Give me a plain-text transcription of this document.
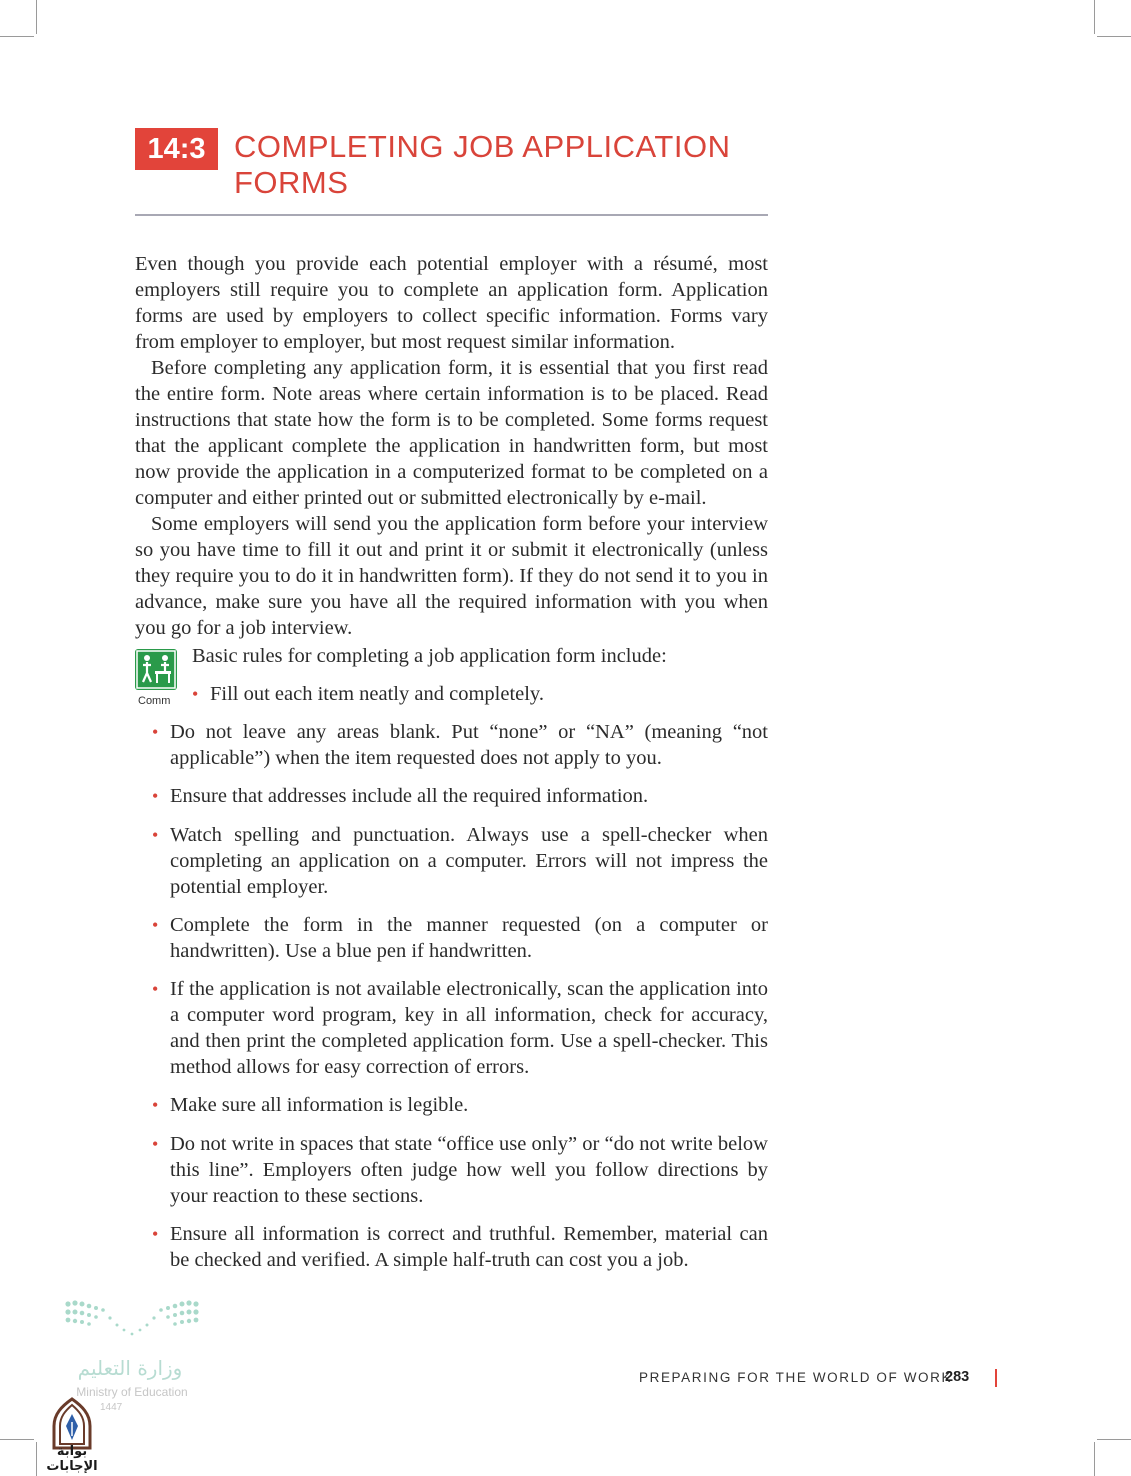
14:3 COMPLETING JOB APPLICATION FORMS

Even though you provide each potential employer with a résumé, most employers still require you to complete an application form. Application forms are used by employers to collect specific information. Forms vary from employer to employer, but most request similar information.

Before completing any application form, it is essential that you first read the entire form. Note areas where certain information is to be placed. Read instructions that state how the form is to be completed. Some forms request that the applicant complete the application in handwritten form, but most now provide the application in a computerized format to be completed on a computer and either printed out or submitted electronically by e-mail.

Some employers will send you the application form before your interview so you have time to fill it out and print it or submit it electronically (unless they require you to do it in handwritten form). If they do not send it to you in advance, make sure you have all the required information with you when you go for a job interview.

Comm
Basic rules for completing a job application form include:
• Fill out each item neatly and completely.
• Do not leave any areas blank. Put “none” or “NA” (meaning “not applicable”) when the item requested does not apply to you.
• Ensure that addresses include all the required information.
• Watch spelling and punctuation. Always use a spell-checker when completing an application on a computer. Errors will not impress the potential employer.
• Complete the form in the manner requested (on a computer or handwritten). Use a blue pen if handwritten.
• If the application is not available electronically, scan the application into a computer word program, key in all information, check for accuracy, and then print the completed application form. Use a spell-checker. This method allows for easy correction of errors.
• Make sure all information is legible.
• Do not write in spaces that state “office use only” or “do not write below this line”. Employers often judge how well you follow directions by your reaction to these sections.
• Ensure all information is correct and truthful. Remember, material can be checked and verified. A simple half-truth can cost you a job.
وزارة التعليم
Ministry of Education
1447
بوابة الإجابات
PREPARING FOR THE WORLD OF WORK
283
